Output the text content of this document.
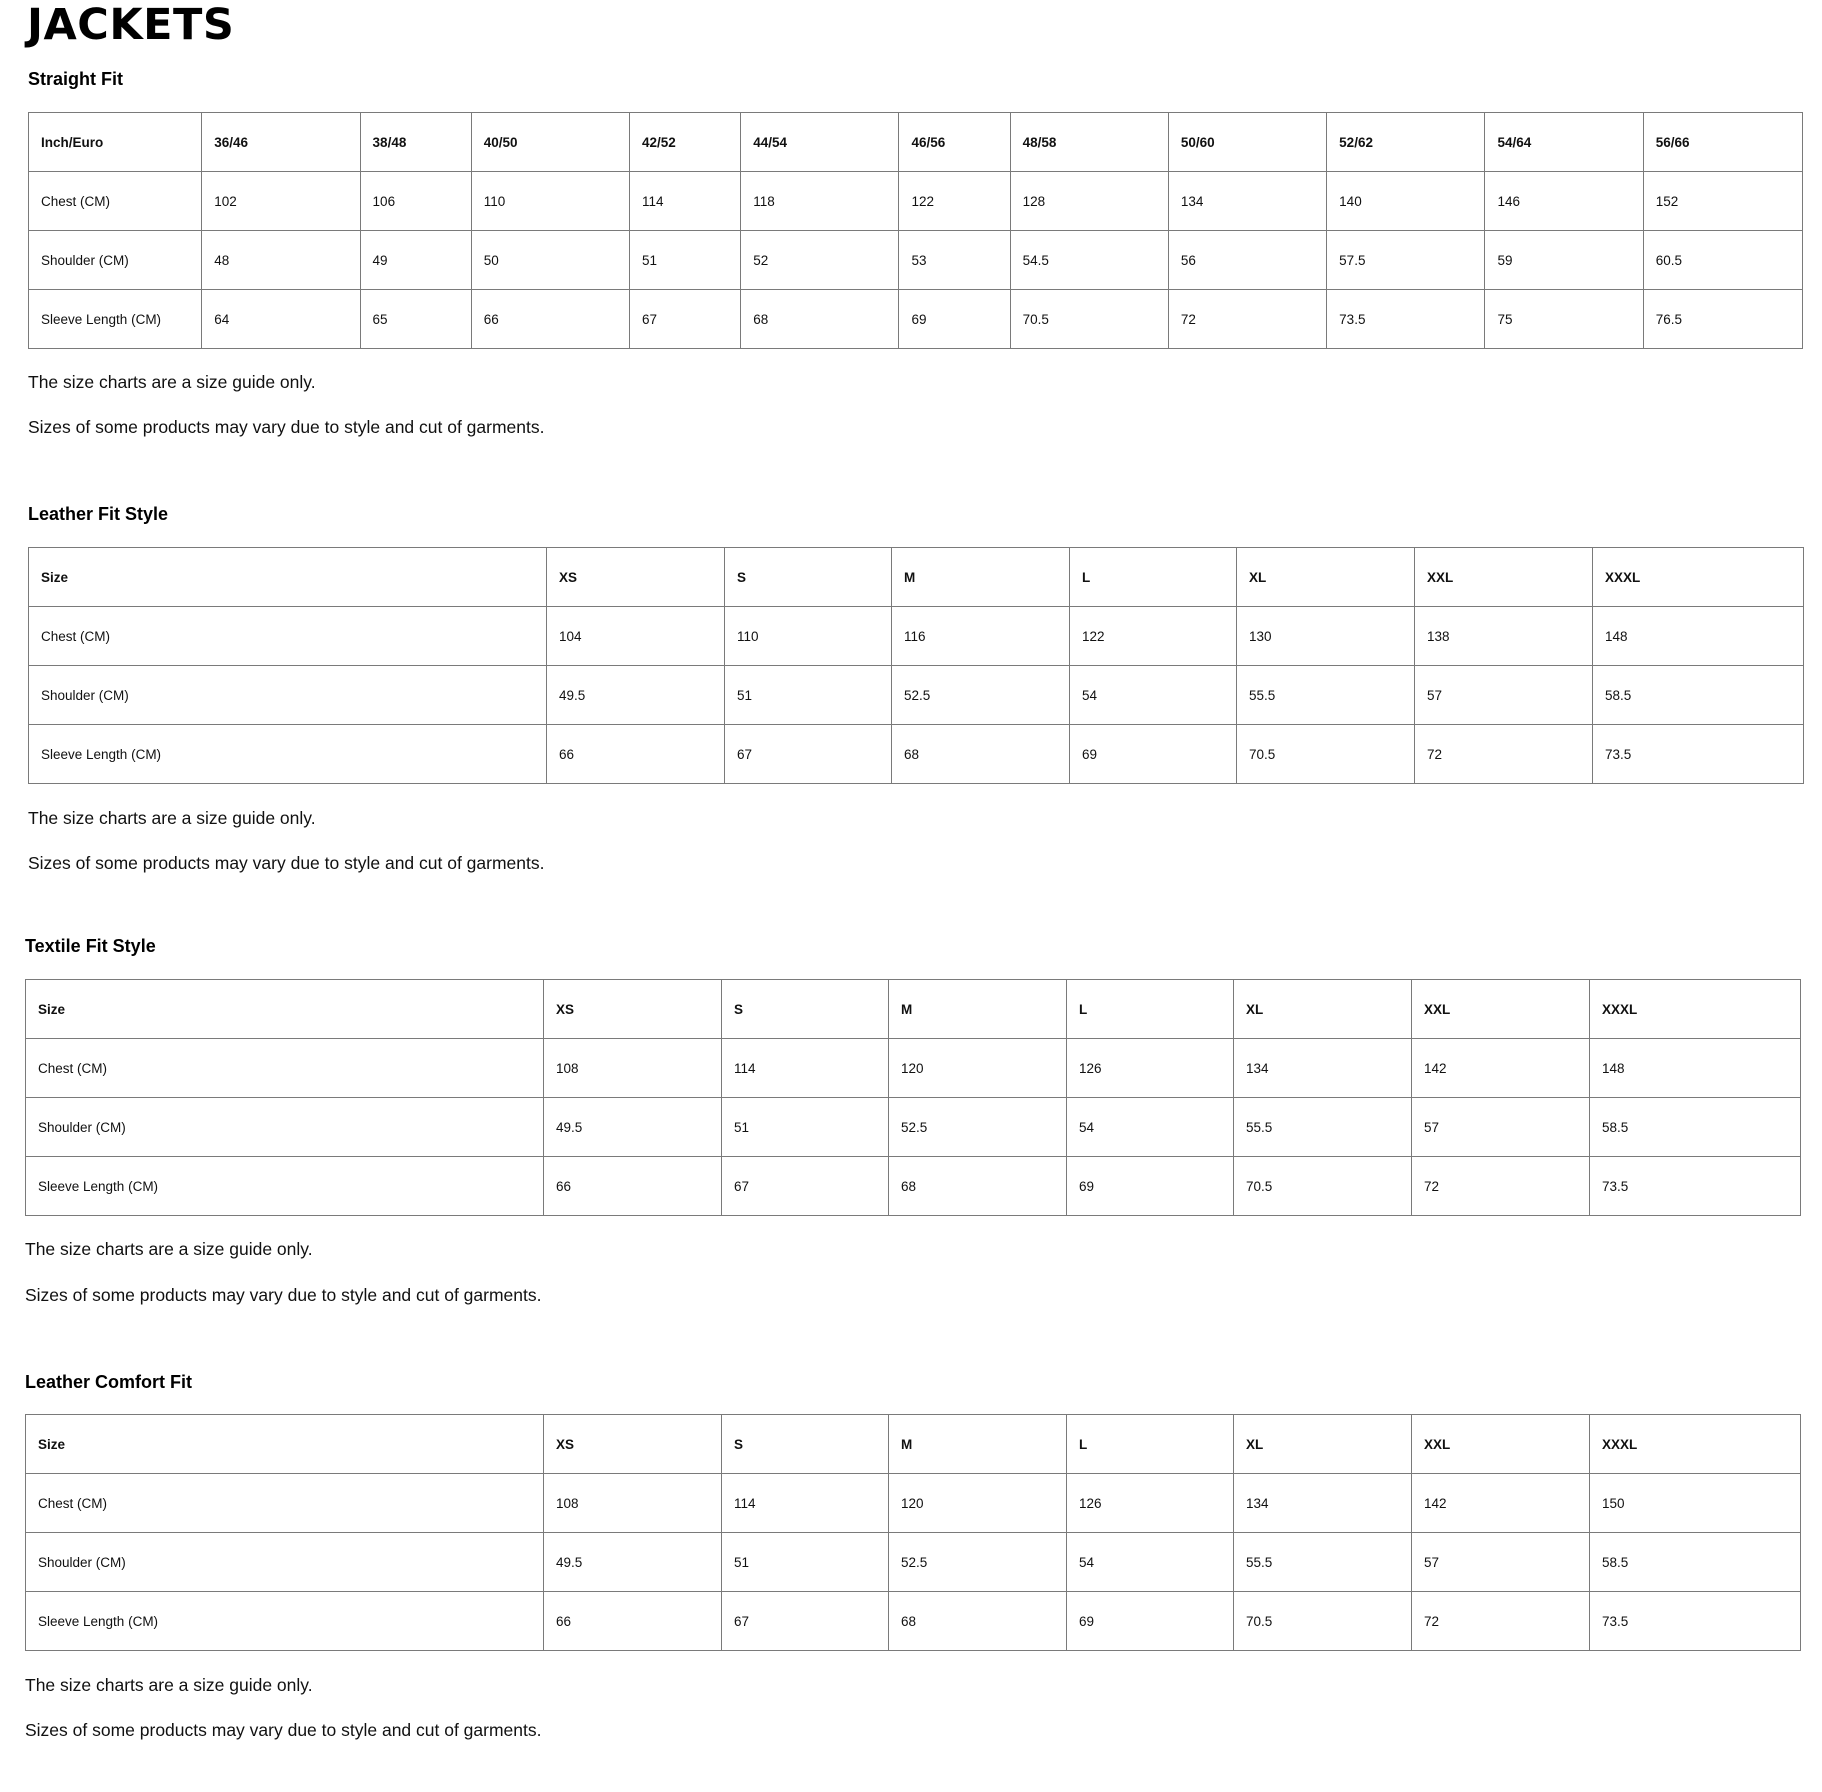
JACKETS
Straight Fit
Inch/Euro	36/46	38/48	40/50	42/52	44/54	46/56	48/58	50/60	52/62	54/64	56/66
Chest (CM)	102	106	110	114	118	122	128	134	140	146	152
Shoulder (CM)	48	49	50	51	52	53	54.5	56	57.5	59	60.5
Sleeve Length (CM)	64	65	66	67	68	69	70.5	72	73.5	75	76.5

The size charts are a size guide only.

Sizes of some products may vary due to style and cut of garments.

Leather Fit Style
Size	XS	S	M	L	XL	XXL	XXXL
Chest (CM)	104	110	116	122	130	138	148
Shoulder (CM)	49.5	51	52.5	54	55.5	57	58.5
Sleeve Length (CM)	66	67	68	69	70.5	72	73.5

The size charts are a size guide only.

Sizes of some products may vary due to style and cut of garments.

Textile Fit Style
Size	XS	S	M	L	XL	XXL	XXXL
Chest (CM)	108	114	120	126	134	142	148
Shoulder (CM)	49.5	51	52.5	54	55.5	57	58.5
Sleeve Length (CM)	66	67	68	69	70.5	72	73.5

The size charts are a size guide only.

Sizes of some products may vary due to style and cut of garments.

Leather Comfort Fit
Size	XS	S	M	L	XL	XXL	XXXL
Chest (CM)	108	114	120	126	134	142	150
Shoulder (CM)	49.5	51	52.5	54	55.5	57	58.5
Sleeve Length (CM)	66	67	68	69	70.5	72	73.5

The size charts are a size guide only.

Sizes of some products may vary due to style and cut of garments.
